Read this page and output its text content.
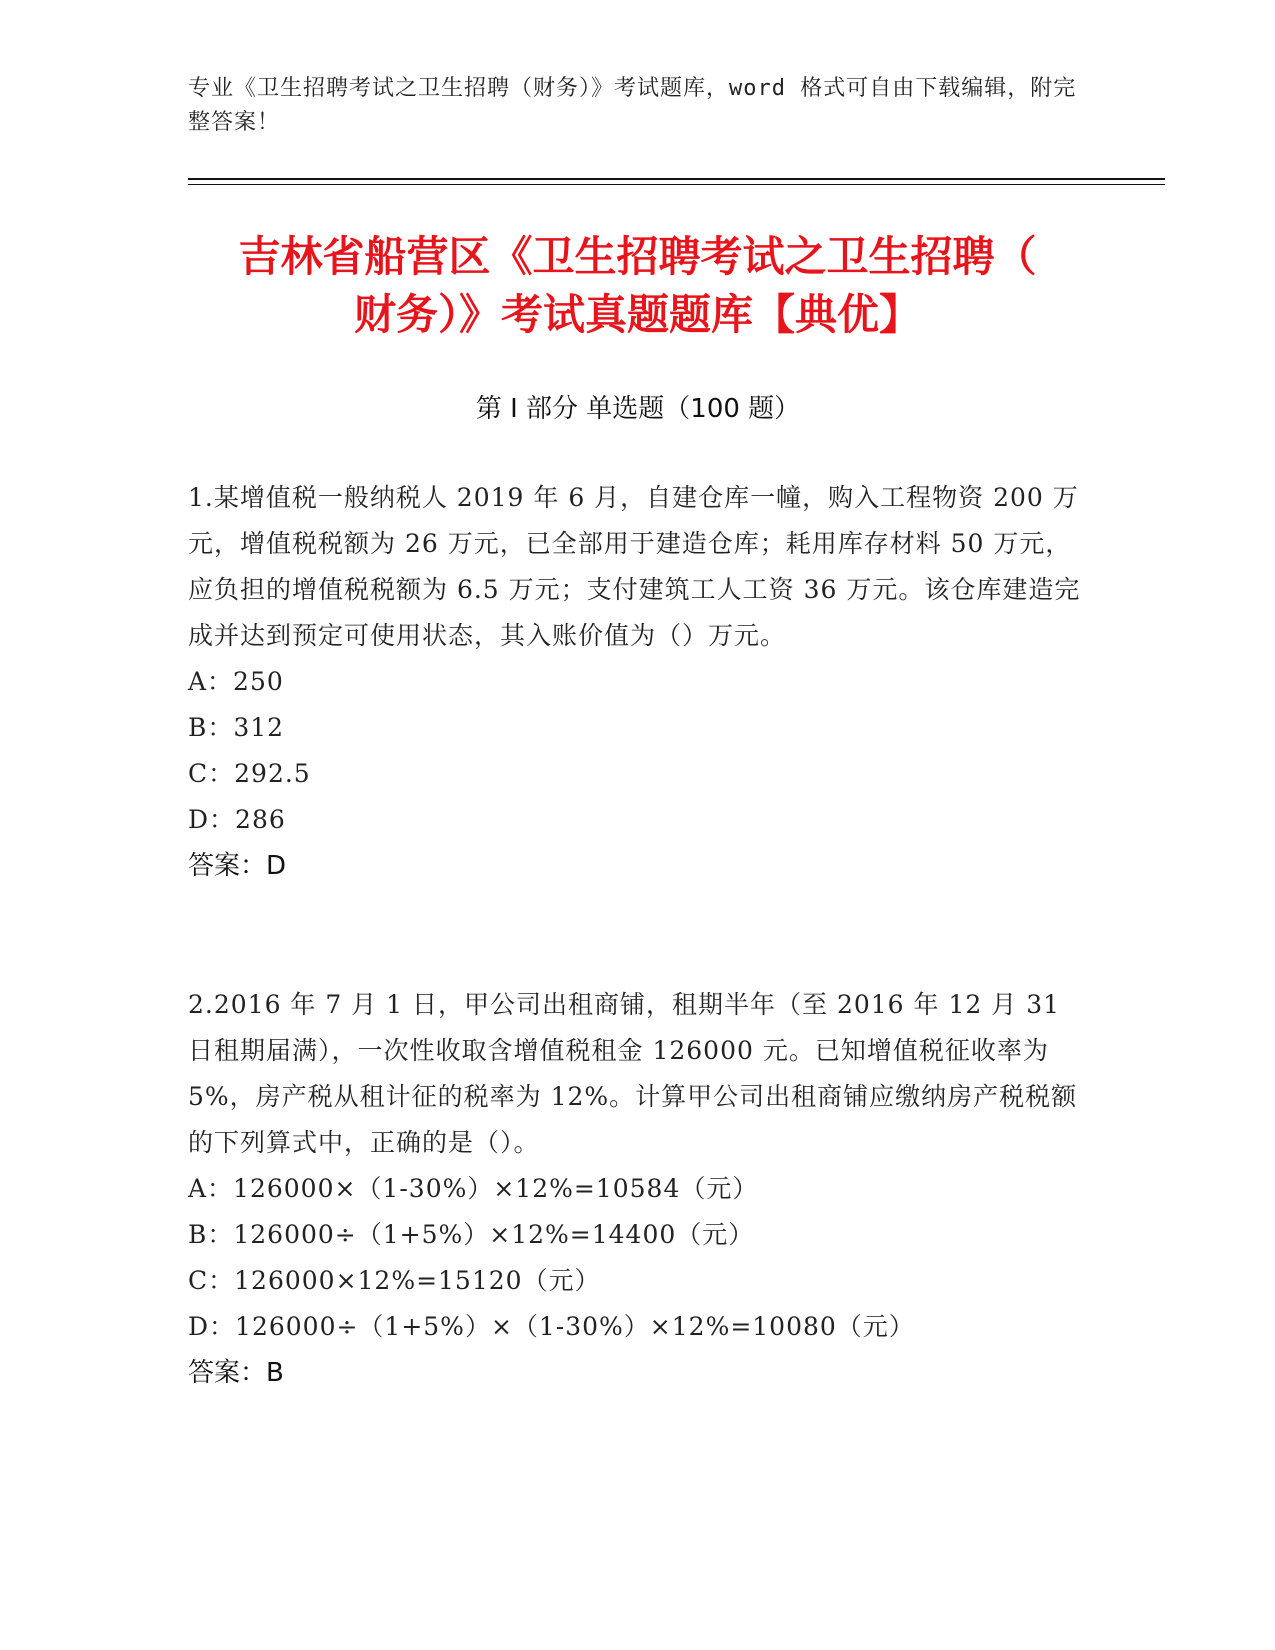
专业《卫生招聘考试之卫生招聘（财务）》考试题库，word 格式可自由下载编辑，附完整答案！
吉林省船营区《卫生招聘考试之卫生招聘（
财务）》考试真题题库【典优】
第 I 部分 单选题（100 题）

1.某增值税一般纳税人 2019 年 6 月，自建仓库一幢，购入工程物资 200 万元，增值税税额为 26 万元，已全部用于建造仓库；耗用库存材料 50 万元，应负担的增值税税额为 6.5 万元；支付建筑工人工资 36 万元。该仓库建造完成并达到预定可使用状态，其入账价值为（）万元。

A：250

B：312

C：292.5

D：286

答案：D

2.2016 年 7 月 1 日，甲公司出租商铺，租期半年（至 2016 年 12 月 31 日租期届满），一次性收取含增值税租金 126000 元。已知增值税征收率为 5%，房产税从租计征的税率为 12%。计算甲公司出租商铺应缴纳房产税税额的下列算式中，正确的是（）。

A：126000×（1-30%）×12%=10584（元）

B：126000÷（1+5%）×12%=14400（元）

C：126000×12%=15120（元）

D：126000÷（1+5%）×（1-30%）×12%=10080（元）

答案：B
